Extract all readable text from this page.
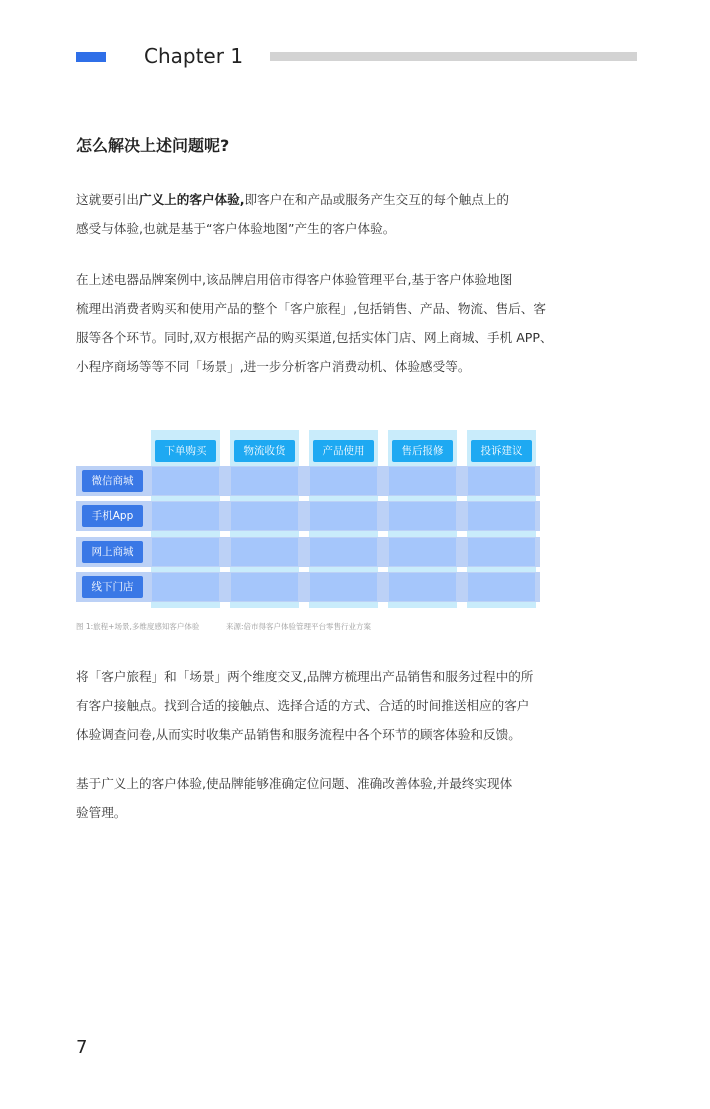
Chapter 1
怎么解决上述问题呢?

这就要引出广义上的客户体验,即客户在和产品或服务产生交互的每个触点上的

感受与体验,也就是基于“客户体验地图”产生的客户体验。

在上述电器品牌案例中,该品牌启用倍市得客户体验管理平台,基于客户体验地图

梳理出消费者购买和使用产品的整个「客户旅程」,包括销售、产品、物流、售后、客

服等各个环节。同时,双方根据产品的购买渠道,包括实体门店、网上商城、手机 APP、

小程序商场等等不同「场景」,进一步分析客户消费动机、体验感受等。

下单购买	物流收货	产品使用	售后报修	投诉建议
微信商城
手机App
网上商城
线下门店
图 1:旅程+场景,多维度感知客户体验	来源:倍市得客户体验管理平台零售行业方案

将「客户旅程」和「场景」两个维度交叉,品牌方梳理出产品销售和服务过程中的所

有客户接触点。找到合适的接触点、选择合适的方式、合适的时间推送相应的客户

体验调查问卷,从而实时收集产品销售和服务流程中各个环节的顾客体验和反馈。

基于广义上的客户体验,使品牌能够准确定位问题、准确改善体验,并最终实现体

验管理。

7
